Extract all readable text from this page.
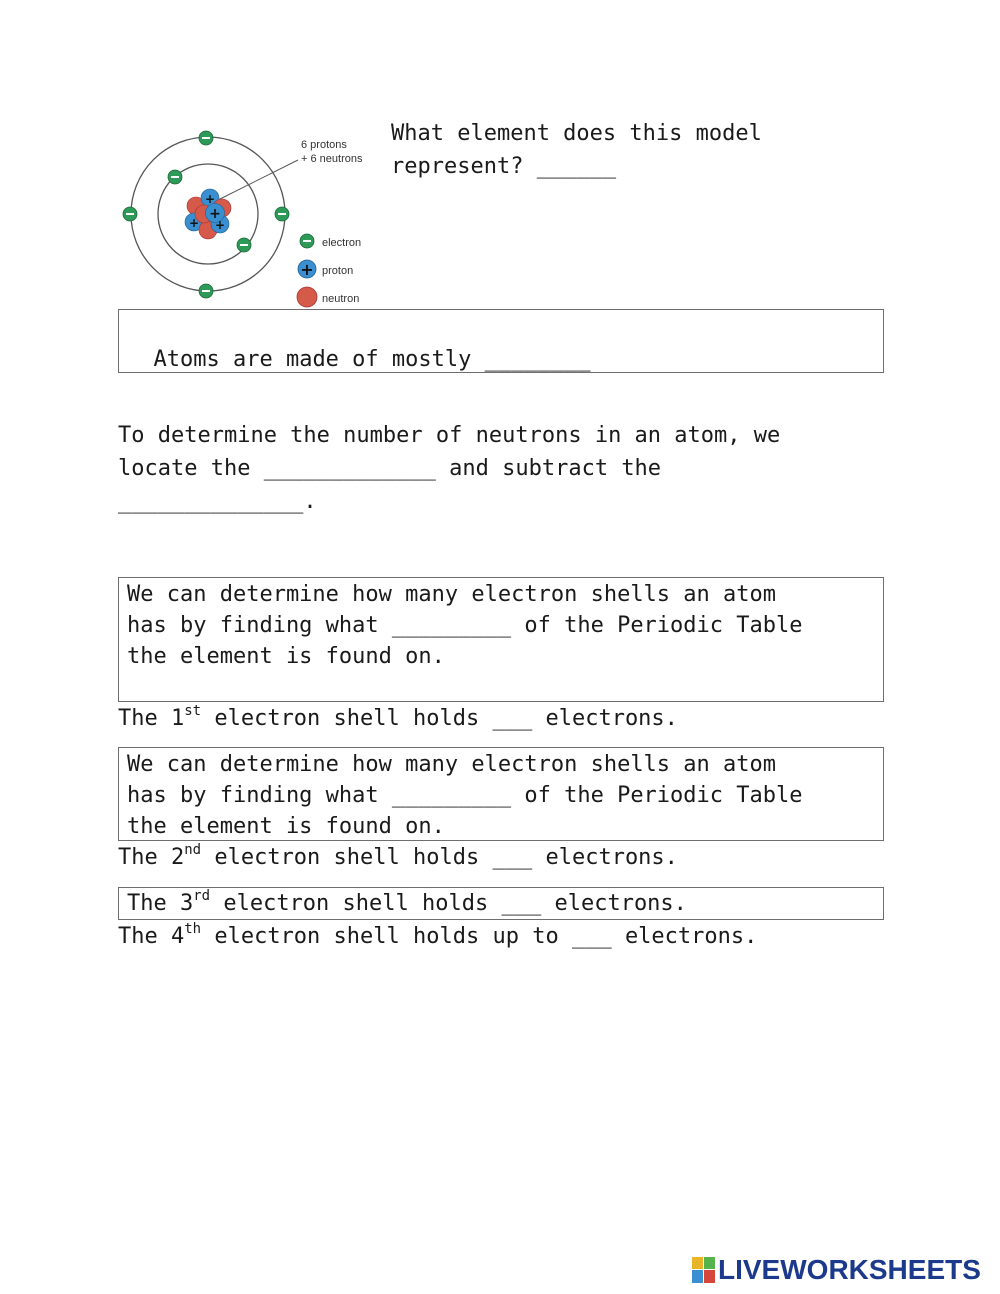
+
+
+
+
6 protons
+ 6 neutrons
electron
+ proton
neutron
What element does this model
represent? ______

Atoms are made of mostly ________

To determine the number of neutrons in an atom, we
locate the _____________ and subtract the
______________.
We can determine how many electron shells an atom
has by finding what _________ of the Periodic Table
the element is found on.
The 1st electron shell holds ___ electrons.
We can determine how many electron shells an atom
has by finding what _________ of the Periodic Table
the element is found on.
The 2nd electron shell holds ___ electrons.
The 3rd electron shell holds ___ electrons.
The 4th electron shell holds up to ___ electrons.
LIVEWORKSHEETS
